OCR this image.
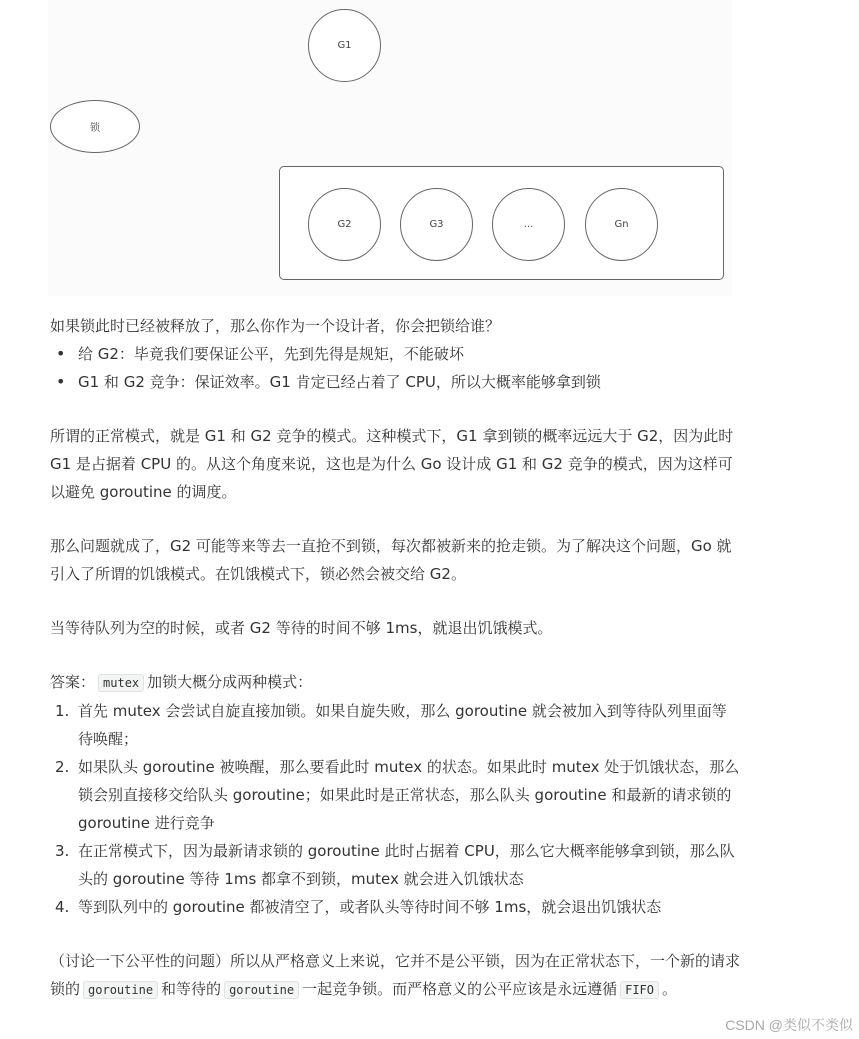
G1
锁
G2	G3	...	Gn

如果锁此时已经被释放了，那么你作为一个设计者，你会把锁给谁？

• 给 G2：毕竟我们要保证公平，先到先得是规矩，不能破坏
• G1 和 G2 竞争：保证效率。G1 肯定已经占着了 CPU，所以大概率能够拿到锁

所谓的正常模式，就是 G1 和 G2 竞争的模式。这种模式下，G1 拿到锁的概率远远大于 G2，因为此时 G1 是占据着 CPU 的。从这个角度来说，这也是为什么 Go 设计成 G1 和 G2 竞争的模式，因为这样可以避免 goroutine 的调度。

那么问题就成了，G2 可能等来等去一直抢不到锁，每次都被新来的抢走锁。为了解决这个问题，Go 就引入了所谓的饥饿模式。在饥饿模式下，锁必然会被交给 G2。

当等待队列为空的时候，或者 G2 等待的时间不够 1ms，就退出饥饿模式。

答案： mutex 加锁大概分成两种模式：

1. 首先 mutex 会尝试自旋直接加锁。如果自旋失败，那么 goroutine 就会被加入到等待队列里面等待唤醒；
2. 如果队头 goroutine 被唤醒，那么要看此时 mutex 的状态。如果此时 mutex 处于饥饿状态，那么锁会别直接移交给队头 goroutine；如果此时是正常状态，那么队头 goroutine 和最新的请求锁的 goroutine 进行竞争
3. 在正常模式下，因为最新请求锁的 goroutine 此时占据着 CPU，那么它大概率能够拿到锁，那么队头的 goroutine 等待 1ms 都拿不到锁，mutex 就会进入饥饿状态
4. 等到队列中的 goroutine 都被清空了，或者队头等待时间不够 1ms，就会退出饥饿状态

（讨论一下公平性的问题）所以从严格意义上来说，它并不是公平锁，因为在正常状态下，一个新的请求锁的 goroutine 和等待的 goroutine 一起竞争锁。而严格意义的公平应该是永远遵循 FIFO 。

CSDN @类似不类似
